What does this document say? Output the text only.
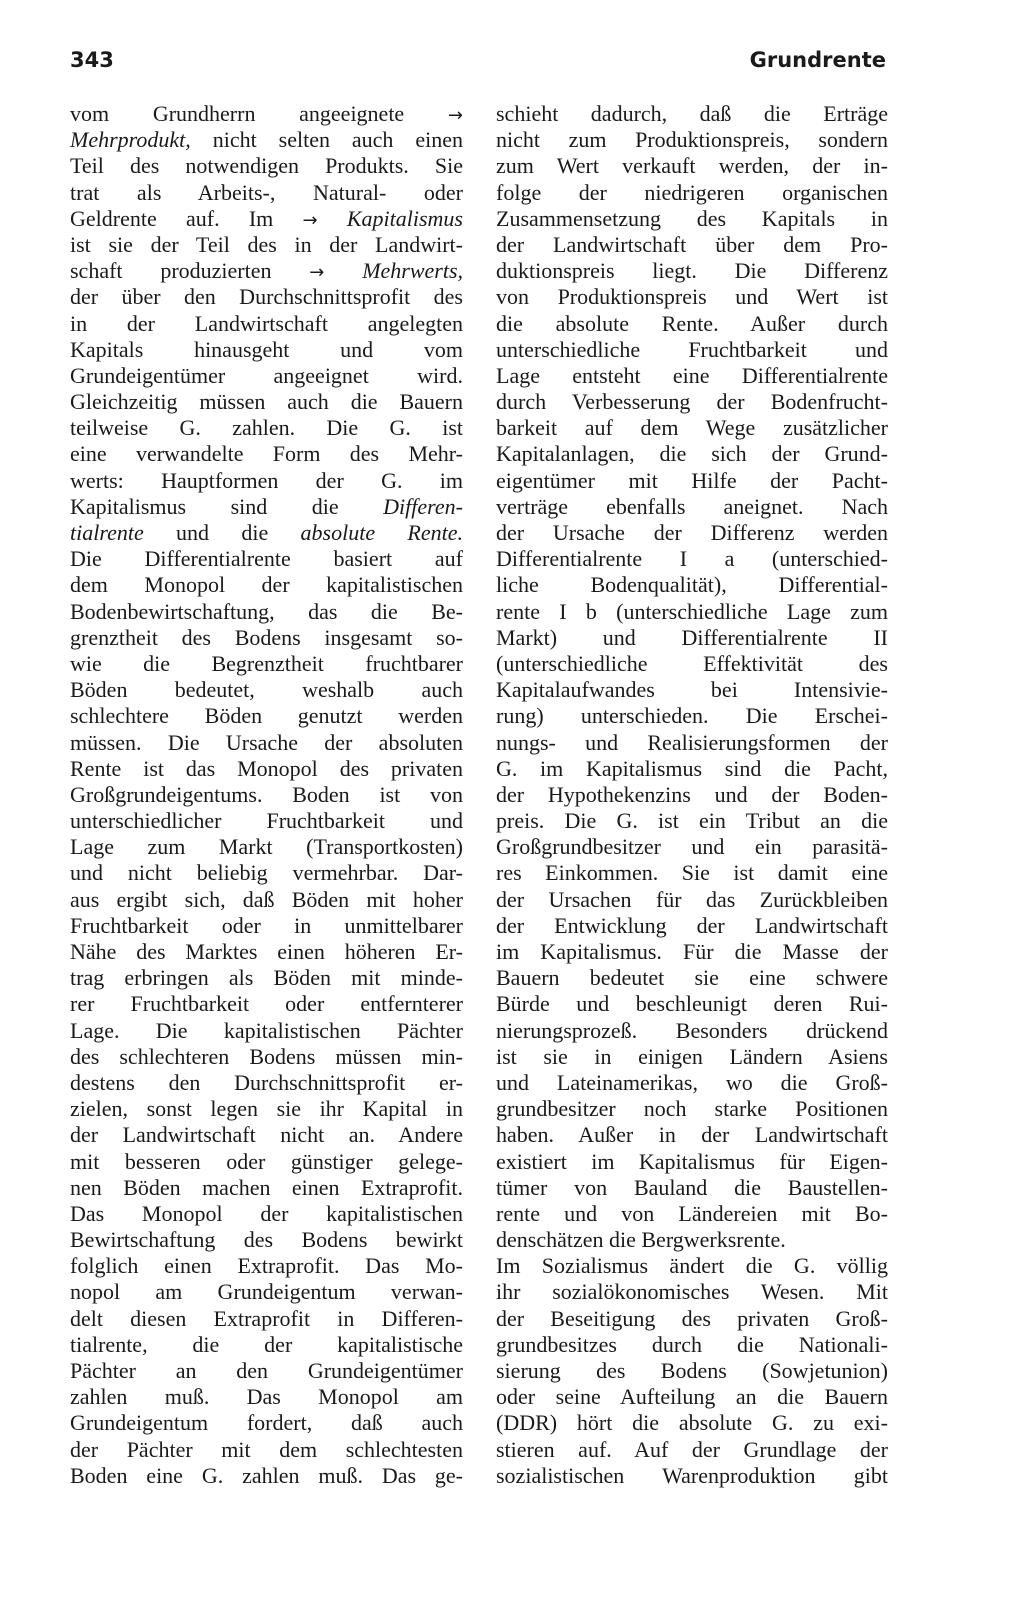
343	Grundrente
vom Grundherrn angeeignete →
Mehrprodukt, nicht selten auch einen
Teil des notwendigen Produkts. Sie
trat als Arbeits-, Natural- oder
Geldrente auf. Im → Kapitalismus
ist sie der Teil des in der Landwirt-
schaft produzierten → Mehrwerts,
der über den Durchschnittsprofit des
in der Landwirtschaft angelegten
Kapitals hinausgeht und vom
Grundeigentümer angeeignet wird.
Gleichzeitig müssen auch die Bauern
teilweise G. zahlen. Die G. ist
eine verwandelte Form des Mehr-
werts: Hauptformen der G. im
Kapitalismus sind die Differen-
tialrente und die absolute Rente.
Die Differentialrente basiert auf
dem Monopol der kapitalistischen
Bodenbewirtschaftung, das die Be-
grenztheit des Bodens insgesamt so-
wie die Begrenztheit fruchtbarer
Böden bedeutet, weshalb auch
schlechtere Böden genutzt werden
müssen. Die Ursache der absoluten
Rente ist das Monopol des privaten
Großgrundeigentums. Boden ist von
unterschiedlicher Fruchtbarkeit und
Lage zum Markt (Transportkosten)
und nicht beliebig vermehrbar. Dar-
aus ergibt sich, daß Böden mit hoher
Fruchtbarkeit oder in unmittelbarer
Nähe des Marktes einen höheren Er-
trag erbringen als Böden mit minde-
rer Fruchtbarkeit oder entfernterer
Lage. Die kapitalistischen Pächter
des schlechteren Bodens müssen min-
destens den Durchschnittsprofit er-
zielen, sonst legen sie ihr Kapital in
der Landwirtschaft nicht an. Andere
mit besseren oder günstiger gelege-
nen Böden machen einen Extraprofit.
Das Monopol der kapitalistischen
Bewirtschaftung des Bodens bewirkt
folglich einen Extraprofit. Das Mo-
nopol am Grundeigentum verwan-
delt diesen Extraprofit in Differen-
tialrente, die der kapitalistische
Pächter an den Grundeigentümer
zahlen muß. Das Monopol am
Grundeigentum fordert, daß auch
der Pächter mit dem schlechtesten
Boden eine G. zahlen muß. Das ge-
schieht dadurch, daß die Erträge
nicht zum Produktionspreis, sondern
zum Wert verkauft werden, der in-
folge der niedrigeren organischen
Zusammensetzung des Kapitals in
der Landwirtschaft über dem Pro-
duktionspreis liegt. Die Differenz
von Produktionspreis und Wert ist
die absolute Rente. Außer durch
unterschiedliche Fruchtbarkeit und
Lage entsteht eine Differentialrente
durch Verbesserung der Bodenfrucht-
barkeit auf dem Wege zusätzlicher
Kapitalanlagen, die sich der Grund-
eigentümer mit Hilfe der Pacht-
verträge ebenfalls aneignet. Nach
der Ursache der Differenz werden
Differentialrente I a (unterschied-
liche Bodenqualität), Differential-
rente I b (unterschiedliche Lage zum
Markt) und Differentialrente II
(unterschiedliche Effektivität des
Kapitalaufwandes bei Intensivie-
rung) unterschieden. Die Erschei-
nungs- und Realisierungsformen der
G. im Kapitalismus sind die Pacht,
der Hypothekenzins und der Boden-
preis. Die G. ist ein Tribut an die
Großgrundbesitzer und ein parasitä-
res Einkommen. Sie ist damit eine
der Ursachen für das Zurückbleiben
der Entwicklung der Landwirtschaft
im Kapitalismus. Für die Masse der
Bauern bedeutet sie eine schwere
Bürde und beschleunigt deren Rui-
nierungsprozeß. Besonders drückend
ist sie in einigen Ländern Asiens
und Lateinamerikas, wo die Groß-
grundbesitzer noch starke Positionen
haben. Außer in der Landwirtschaft
existiert im Kapitalismus für Eigen-
tümer von Bauland die Baustellen-
rente und von Ländereien mit Bo-
denschätzen die Bergwerksrente.
Im Sozialismus ändert die G. völlig
ihr sozialökonomisches Wesen. Mit
der Beseitigung des privaten Groß-
grundbesitzes durch die Nationali-
sierung des Bodens (Sowjetunion)
oder seine Aufteilung an die Bauern
(DDR) hört die absolute G. zu exi-
stieren auf. Auf der Grundlage der
sozialistischen Warenproduktion gibt
